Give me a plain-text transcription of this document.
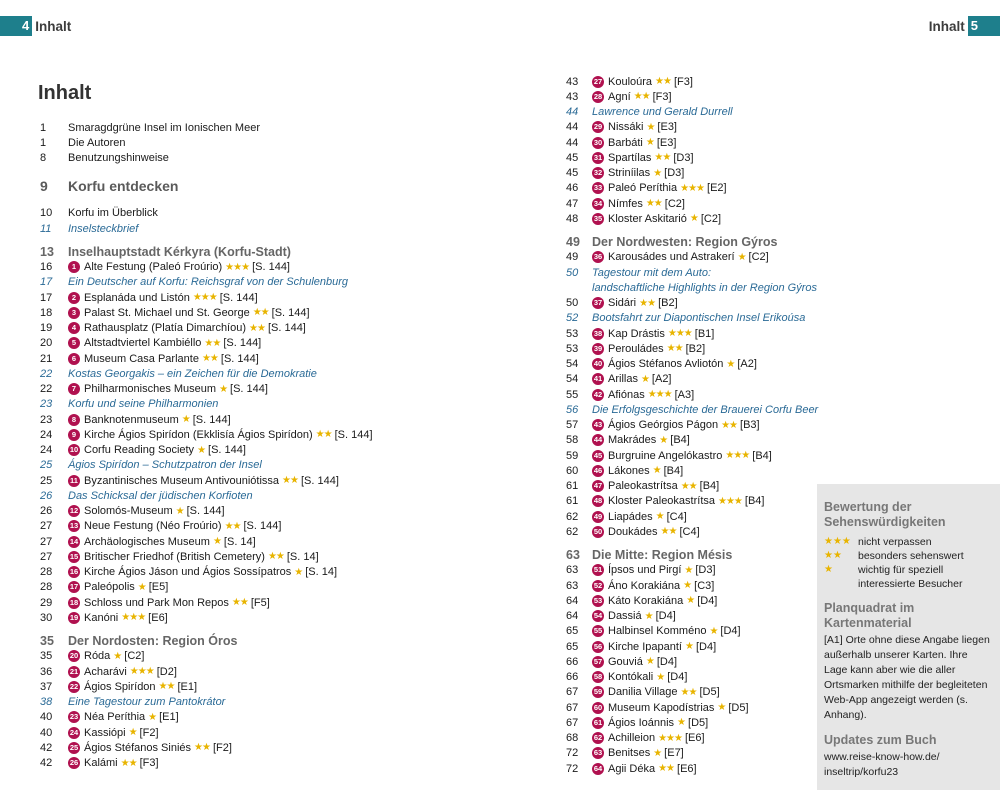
4 Inhalt	Inhalt 5
Inhalt
1	Smaragdgrüne Insel im Ionischen Meer
1	Die Autoren
8	Benutzungshinweise
9	Korfu entdecken
10	Korfu im Überblick
11	Inselsteckbrief
13	Inselhauptstadt Kérkyra (Korfu-Stadt)
16	1 Alte Festung (Paleó Froúrio) ★★★ [S. 144]
17	Ein Deutscher auf Korfu: Reichsgraf von der Schulenburg
17	2 Esplanáda und Listón ★★★ [S. 144]
18	3 Palast St. Michael und St. George ★★ [S. 144]
19	4 Rathausplatz (Platía Dimarchíou) ★★ [S. 144]
20	5 Altstadtviertel Kambiéllo ★★ [S. 144]
21	6 Museum Casa Parlante ★★ [S. 144]
22	Kostas Georgakis – ein Zeichen für die Demokratie
22	7 Philharmonisches Museum ★ [S. 144]
23	Korfu und seine Philharmonien
23	8 Banknotenmuseum ★ [S. 144]
24	9 Kirche Ágios Spirídon (Ekklisía Ágios Spirídon) ★★ [S. 144]
24	10 Corfu Reading Society ★ [S. 144]
25	Ágios Spirídon – Schutzpatron der Insel
25	11 Byzantinisches Museum Antivouniótissa ★★ [S. 144]
26	Das Schicksal der jüdischen Korfioten
26	12 Solomós-Museum ★ [S. 144]
27	13 Neue Festung (Néo Froúrio) ★★ [S. 144]
27	14 Archäologisches Museum ★ [S. 14]
27	15 Britischer Friedhof (British Cemetery) ★★ [S. 14]
28	16 Kirche Ágios Jáson und Ágios Sossípatros ★ [S. 14]
28	17 Paleópolis ★ [E5]
29	18 Schloss und Park Mon Repos ★★ [F5]
30	19 Kanóni ★★★ [E6]
35	Der Nordosten: Region Óros
35	20 Róda ★ [C2]
36	21 Acharávi ★★★ [D2]
37	22 Ágios Spirídon ★★ [E1]
38	Eine Tagestour zum Pantokrátor
40	23 Néa Períthia ★ [E1]
40	24 Kassiópi ★ [F2]
42	25 Ágios Stéfanos Siniés ★★ [F2]
42	26 Kalámi ★★ [F3]
43	27 Kouloúra ★★ [F3]
43	28 Agní ★★ [F3]
44	Lawrence und Gerald Durrell
44	29 Nissáki ★ [E3]
44	30 Barbáti ★ [E3]
45	31 Spartílas ★★ [D3]
45	32 Striníilas ★ [D3]
46	33 Paleó Períthia ★★★ [E2]
47	34 Nímfes ★★ [C2]
48	35 Kloster Askitarió ★ [C2]
49 Der Nordwesten: Region Gýros
49	36 Karousádes und Astrakerí ★ [C2]
50	Tagestour mit dem Auto:
landschaftliche Highlights in der Region Gýros
50	37 Sidári ★★ [B2]
52	Bootsfahrt zur Diapontischen Insel Erikoúsa
53	38 Kap Drástis ★★★ [B1]
53	39 Perouládes ★★ [B2]
54	40 Ágios Stéfanos Avliotón ★ [A2]
54	41 Arillas ★ [A2]
55	42 Afiónas ★★★ [A3]
56	Die Erfolgsgeschichte der Brauerei Corfu Beer
57	43 Ágios Geórgios Págon ★★ [B3]
58	44 Makrádes ★ [B4]
59	45 Burgruine Angelókastro ★★★ [B4]
60	46 Lákones ★ [B4]
61	47 Paleokastrítsa ★★ [B4]
61	48 Kloster Paleokastrítsa ★★★ [B4]
62	49 Liapádes ★ [C4]
62	50 Doukádes ★★ [C4]
63 Die Mitte: Region Mésis
63	51 Ípsos und Pirgí ★ [D3]
63	52 Áno Korakiána ★ [C3]
64	53 Káto Korakiána ★ [D4]
64	54 Dassiá ★ [D4]
65	55 Halbinsel Komméno ★ [D4]
65	56 Kirche Ipapantí ★ [D4]
66	57 Gouviá ★ [D4]
66	58 Kontókali ★ [D4]
67	59 Danilia Village ★★ [D5]
67	60 Museum Kapodístrias ★ [D5]
67	61 Ágios Ioánnis ★ [D5]
68	62 Achilleion ★★★ [E6]
72	63 Benitses ★ [E7]
72	64 Agii Déka ★★ [E6]
Bewertung der Sehenswürdigkeiten
★★★ nicht verpassen
★★	besonders sehenswert
★	wichtig für speziell interessierte Besucher
Planquadrat im Kartenmaterial

[A1] Orte ohne diese Angabe liegen außerhalb unserer Karten. Ihre Lage kann aber wie die aller Ortsmarken mithilfe der begleiteten Web-App angezeigt werden (s. Anhang).

Updates zum Buch

www.reise-know-how.de/ inseltrip/korfu23
